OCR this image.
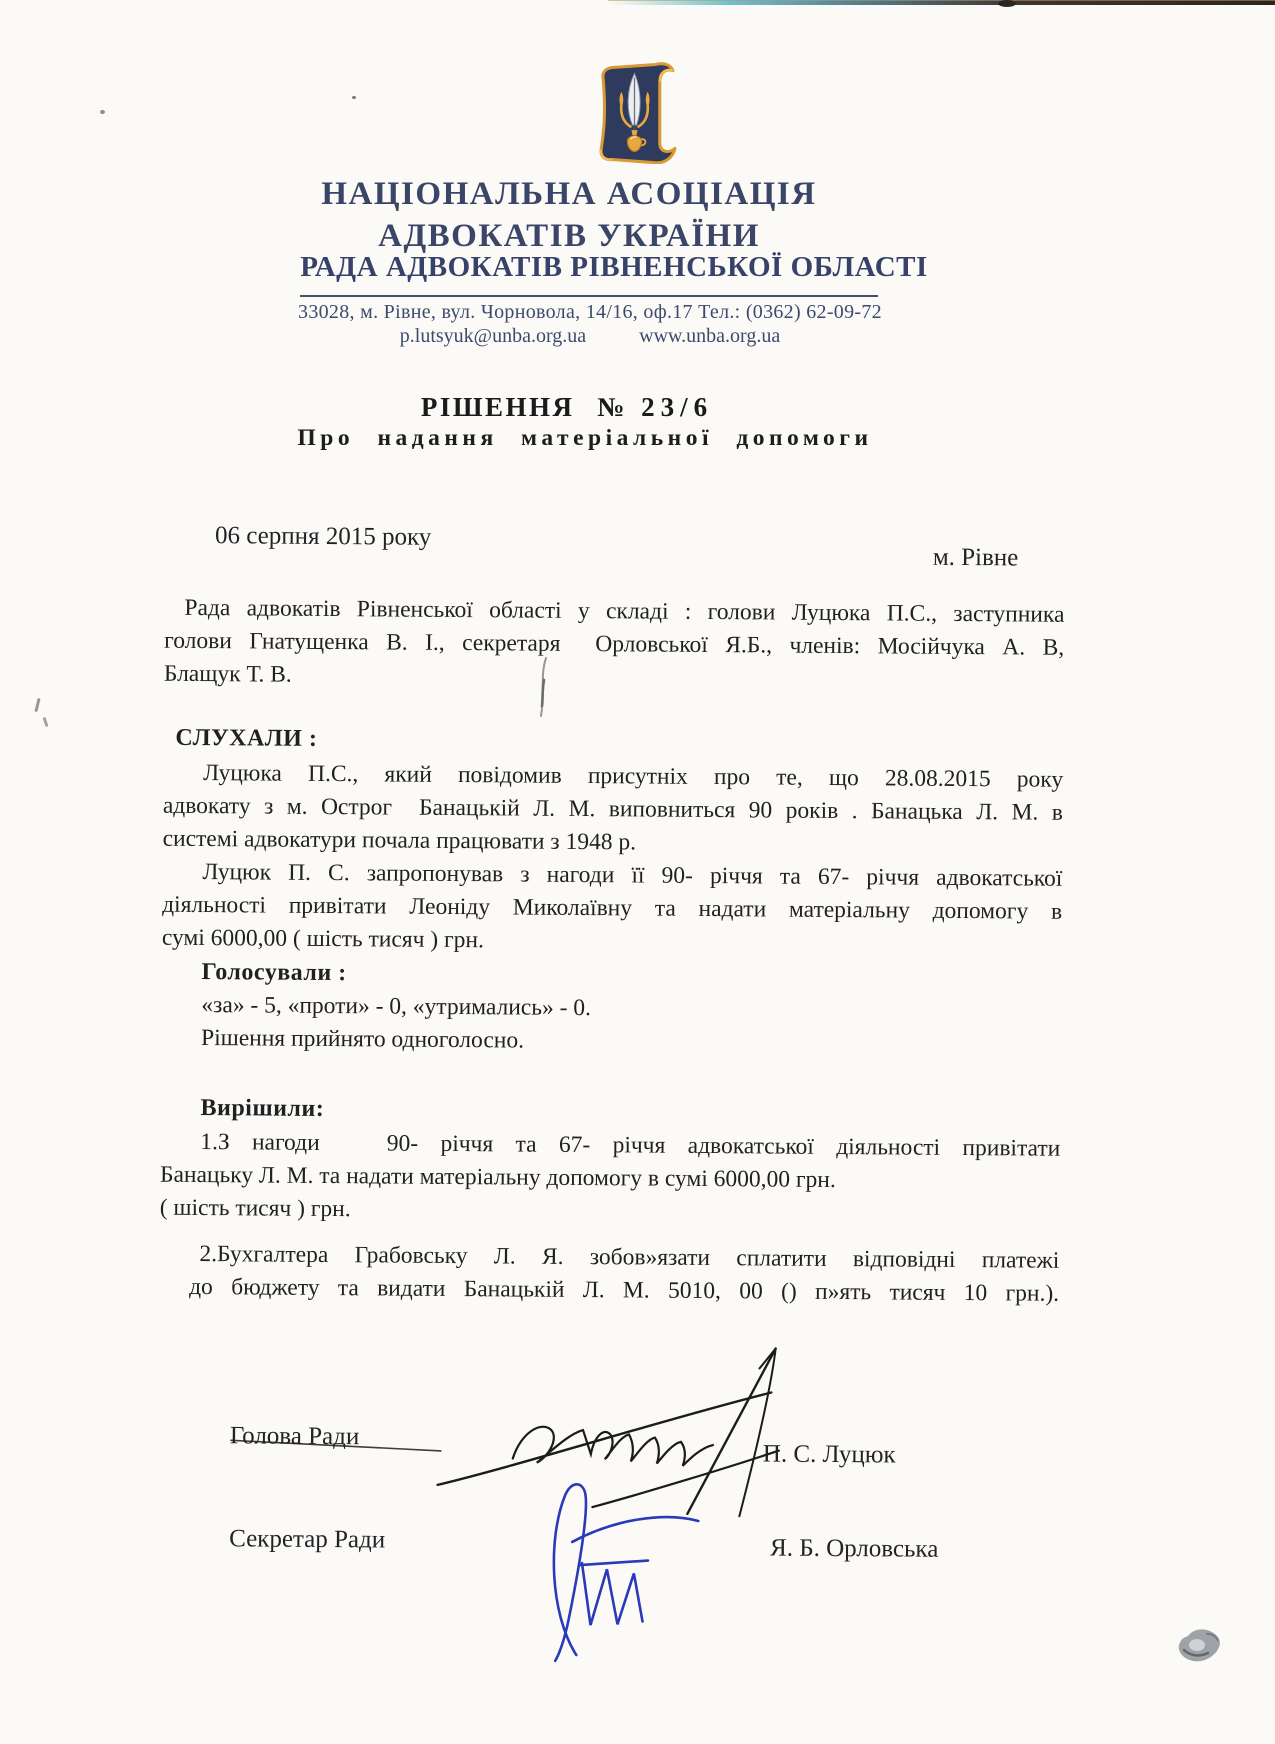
НАЦІОНАЛЬНА АСОЦІАЦІЯ
АДВОКАТІВ УКРАЇНИ
РАДА АДВОКАТІВ РІВНЕНСЬКОЇ ОБЛАСТІ
33028, м. Рівне, вул. Чорновола, 14/16, оф.17 Тел.: (0362) 62-09-72
p.lutsyuk@unba.org.ua	www.unba.org.ua
РІШЕННЯ № 23/6
Про надання матеріальної допомоги
06 серпня 2015 року
м. Рівне
Рада адвокатів Рівненської області у складі : голови Луцюка П.С., заступника
голови Гнатущенка В. І., секретаря  Орловської Я.Б., членів: Мосійчука А. В,
Блащук Т. В.
СЛУХАЛИ :
Луцюка П.С., який повідомив присутніх про те, що 28.08.2015 року
адвокату з м. Острог  Банацькій Л. М. виповниться 90 років . Банацька Л. М. в
системі адвокатури почала працювати з 1948 р.
Луцюк П. С. запропонував з нагоди її 90- річчя та 67- річчя адвокатської
діяльності привітати Леоніду Миколаївну та надати матеріальну допомогу в
сумі 6000,00 ( шість тисяч ) грн.
Голосували :
«за» - 5, «проти» - 0, «утримались» - 0.
Рішення прийнято одноголосно.
Вирішили:
1.З нагоди   90- річчя та 67- річчя адвокатської діяльності привітати
Банацьку Л. М. та надати матеріальну допомогу в сумі 6000,00 грн.
( шість тисяч ) грн.
2.Бухгалтера Грабовську Л. Я. зобов»язати сплатити відповідні платежі
до бюджету та видати Банацькій Л. М. 5010, 00 () п»ять тисяч 10 грн.).
Голова Ради
П. С. Луцюк
Секретар Ради	Я. Б. Орловська
